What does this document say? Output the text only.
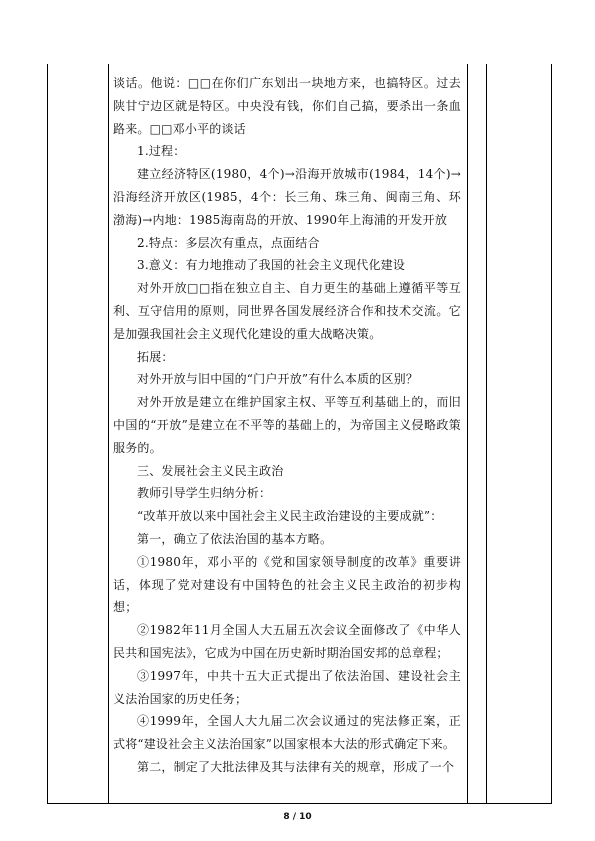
谈话。他说：□□在你们广东划出一块地方来，也搞特区。过去陕甘宁边区就是特区。中央没有钱，你们自己搞，要杀出一条血路来。□□邓小平的谈话

1.过程：

建立经济特区(1980，4个)→沿海开放城市(1984，14个)→沿海经济开放区(1985，4个：长三角、珠三角、闽南三角、环渤海)→内地：1985海南岛的开放、1990年上海浦的开发开放

2.特点：多层次有重点，点面结合

3.意义：有力地推动了我国的社会主义现代化建设

对外开放□□指在独立自主、自力更生的基础上遵循平等互利、互守信用的原则，同世界各国发展经济合作和技术交流。它是加强我国社会主义现代化建设的重大战略决策。

拓展：

对外开放与旧中国的“门户开放”有什么本质的区别？

对外开放是建立在维护国家主权、平等互利基础上的，而旧中国的“开放”是建立在不平等的基础上的，为帝国主义侵略政策服务的。

三、发展社会主义民主政治

教师引导学生归纳分析：

“改革开放以来中国社会主义民主政治建设的主要成就”：

第一，确立了依法治国的基本方略。

①1980年，邓小平的《党和国家领导制度的改革》重要讲话，体现了党对建设有中国特色的社会主义民主政治的初步构想；

②1982年11月全国人大五届五次会议全面修改了《中华人民共和国宪法》，它成为中国在历史新时期治国安邦的总章程；

③1997年，中共十五大正式提出了依法治国、建设社会主义法治国家的历史任务；

④1999年，全国人大九届二次会议通过的宪法修正案，正式将“建设社会主义法治国家”以国家根本大法的形式确定下来。

第二，制定了大批法律及其与法律有关的规章，形成了一个

8 / 10
